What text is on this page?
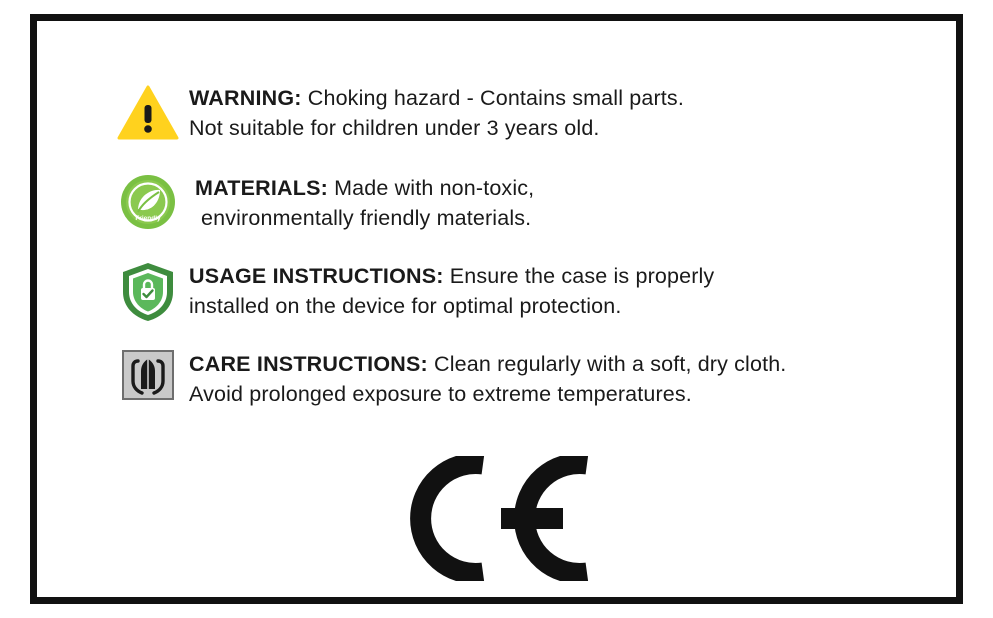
WARNING: Choking hazard - Contains small parts.
Not suitable for children under 3 years old.
Friendly
MATERIALS: Made with non-toxic,
environmentally friendly materials.
USAGE INSTRUCTIONS: Ensure the case is properly
installed on the device for optimal protection.
CARE INSTRUCTIONS: Clean regularly with a soft, dry cloth.
Avoid prolonged exposure to extreme temperatures.
